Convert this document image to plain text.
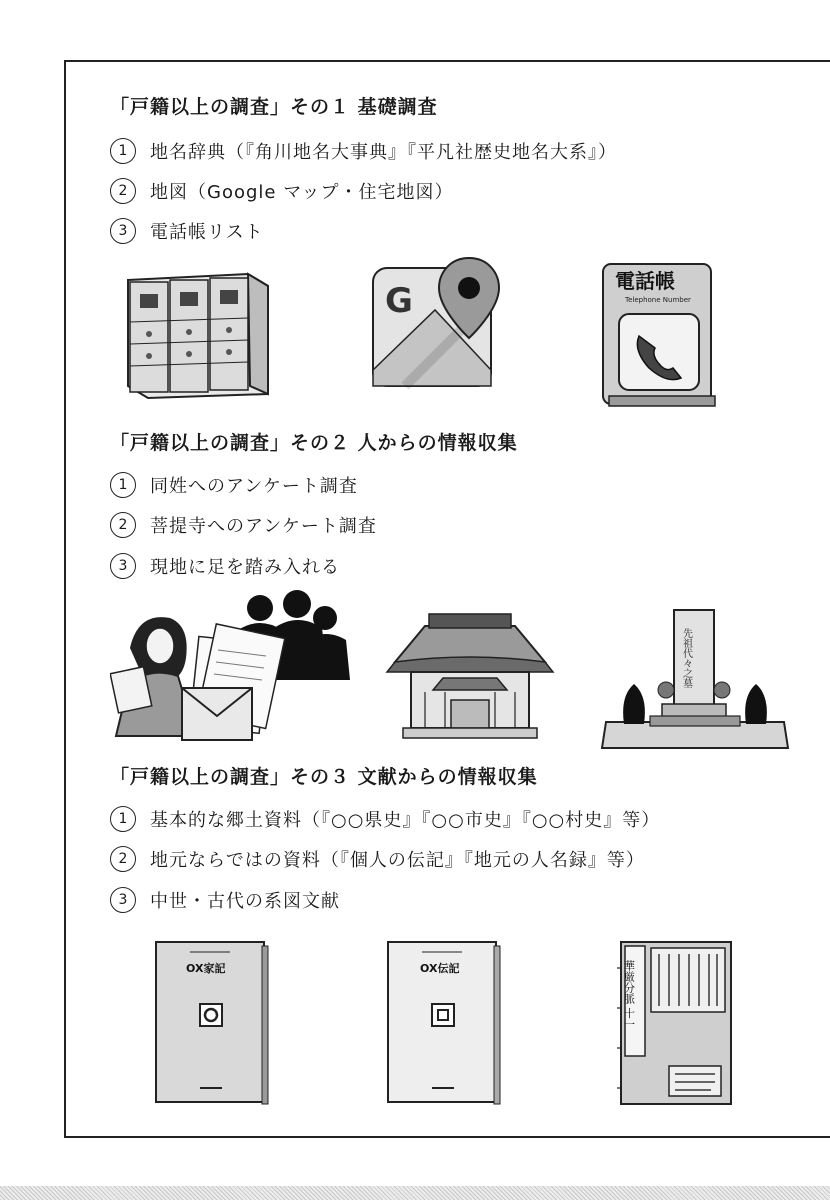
「戸籍以上の調査」その１ 基礎調査
1	地名辞典（『角川地名大事典』『平凡社歴史地名大系』）
2	地図（Google マップ・住宅地図）
3	電話帳リスト
G	電話帳
Telephone Number
「戸籍以上の調査」その２ 人からの情報収集
1	同姓へのアンケート調査
2	菩提寺へのアンケート調査
3	現地に足を踏み入れる
先祖代々之墓
「戸籍以上の調査」その３ 文献からの情報収集
1	基本的な郷土資料（『○○県史』『○○市史』『○○村史』等）
2	地元ならではの資料（『個人の伝記』『地元の人名録』等）
3	中世・古代の系図文献
OX家記	OX伝記	華厳分脈 十一
